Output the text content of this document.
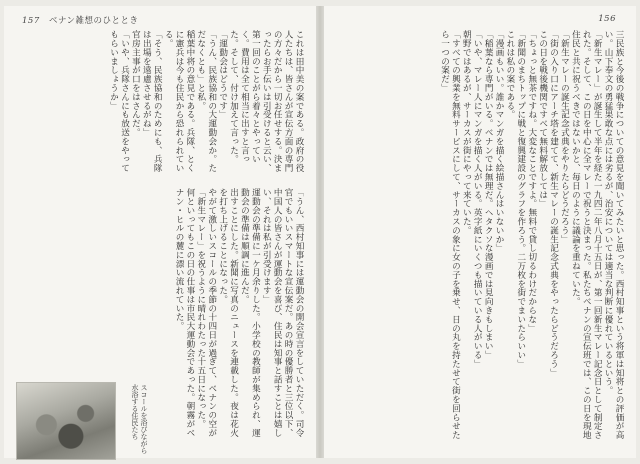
157 ベナン雑想のひととき

これは田中美の案である。政府の役人たちは、皆さんが宣伝方面の専門の方々だから一切お任せする。決まったらお手伝いは引受けると云い、第一回のことがら着々とやっていく。費用は全て相当に出すと言った。そして、付け加えて言った。

「運動会はどうです」

「うん、民族協和の大運動会か。ただなくとも」と私。

稲葉中将の意見である。兵隊、とくに憲兵は今も住民から恐れられている。

「そう、民族協和のためにも、兵隊は出場を遠慮させるがね」

官房主事が口をはさんだ。

「いや、兵隊さんにも放送をやってもらいましょうか」

「うん、西村知事には運動会の開会宣言をしていただく。司令官でもいいスマートな宣伝案だ。あの時の優勝者と三位以下、中国人の皆さんが運動会を喜び、住民は知事と話すことは嬉しい、それは私が引受けます」

運動会の準備に一ケ月余りした。小学校の教師が集められ、運動会の準備は順調に進んだ。

出すことにした。新聞に写真のニュースを連載した。夜は花火を打ち上げることになった。

やがて激しいスコールの季節の十四日が過ぎて、ベナンの空が「新生マレー」を祝うように晴れわたった十五日になった。

何といってもこの日の仕事は市民大運動会であった。朝霧がベナン・ヒルの麓に漂い流れていた。

スコールを浴びながら水浴する住民たち
156

三民族と今後の戦争についての意見を聞いてみたいと思った。西村知事という将軍は知将との評価が高い。山下奉文の勇猛果敢な点には劣るが、治安については適当な判断に優れているという。

「新生マレー」が誕生して半年を経た一九四二年八月十五日が、第一回新生マレー記念日として制定された。そして、この日を中心に全マレーで祝うと決まった。私たちベナンの宣伝班では、この日を現地住民と共に祝うべきではないかと、毎日のように議論を重ねていた。

「新生マレーの誕生記念式典をやりたらどうだろう」

「街の入り口にアーチ塔を建てて、新生マレーの誕生記念式典をやったらどうだろう」

この日を戦後機関ですべて無料解放しては」

「ちょっと無茶ですね。大変なことですよ。無料で貸し切るわけだからな」

「新聞のまちトップに戦と復興建設のグラフを作ろう。二万枚を街でまいたらいい」

これは私の案である。

「漫画もいい。誰かマンガを描く絵描さんはいないか」

「稲葉なら専門がいる。ベナンでは無理だ。ヘタクソな漫画では見向きもしまい」

「いや、マレー人にマンガを描く人がいる。英字紙にいくつも描いている人がいる」

朝野ではあるが、サーカスが街にやって来ていた。

「すべての興業を無料サービスにして、サーカスの象に女の子を乗せ、日の丸を持たせて街を回らせたら一つの案だ」
